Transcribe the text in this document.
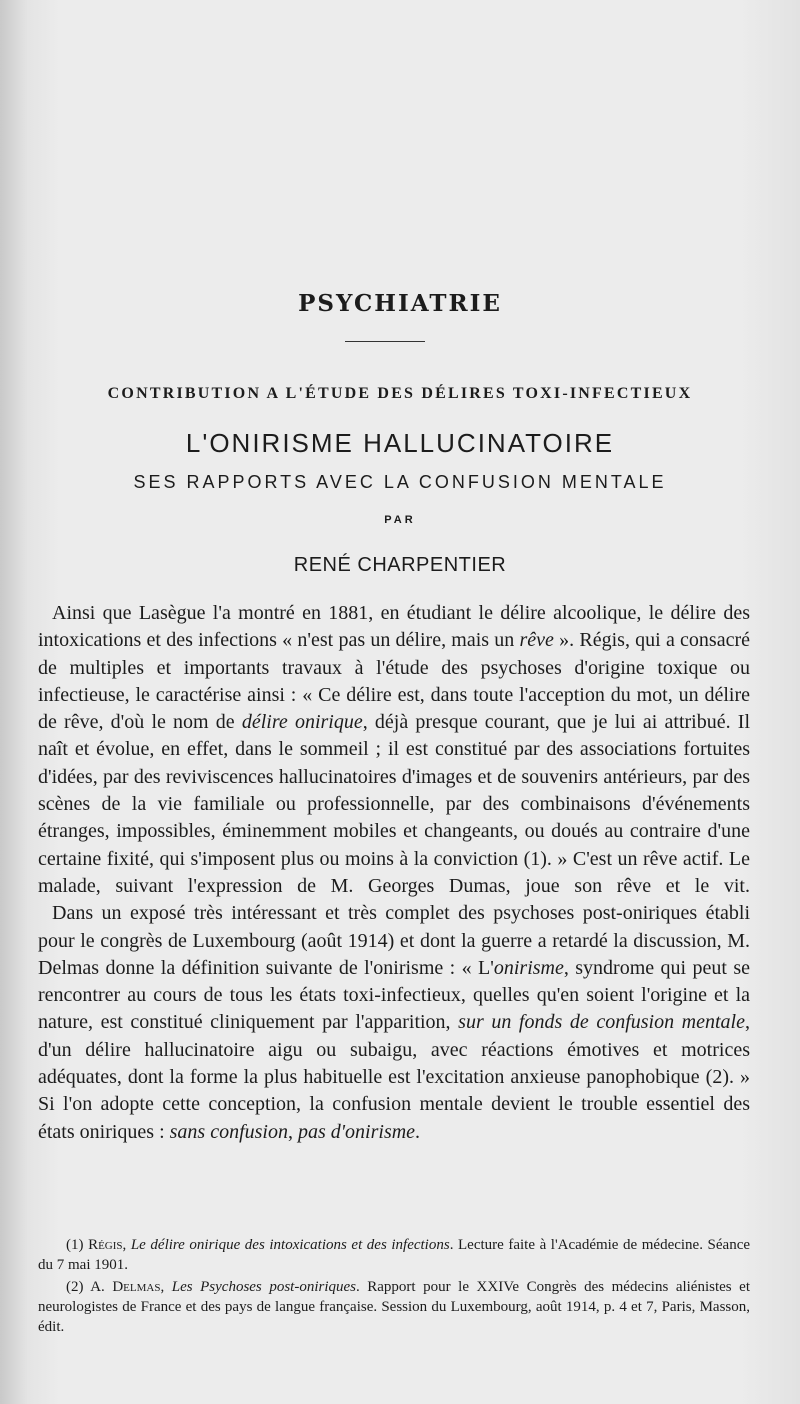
PSYCHIATRIE
CONTRIBUTION A L'ÉTUDE DES DÉLIRES TOXI-INFECTIEUX
L'ONIRISME HALLUCINATOIRE
SES RAPPORTS AVEC LA CONFUSION MENTALE
PAR
RENÉ CHARPENTIER

Ainsi que Lasègue l'a montré en 1881, en étudiant le délire alcoolique, le délire des intoxications et des infections « n'est pas un délire, mais un rêve ». Régis, qui a consacré de multiples et importants travaux à l'étude des psychoses d'origine toxique ou infectieuse, le caractérise ainsi : « Ce délire est, dans toute l'acception du mot, un délire de rêve, d'où le nom de délire onirique, déjà presque courant, que je lui ai attribué. Il naît et évolue, en effet, dans le sommeil ; il est constitué par des associations fortuites d'idées, par des reviviscences hallucinatoires d'images et de souvenirs antérieurs, par des scènes de la vie familiale ou professionnelle, par des combinaisons d'événements étranges, impossibles, éminemment mobiles et changeants, ou doués au contraire d'une certaine fixité, qui s'imposent plus ou moins à la conviction (1). » C'est un rêve actif. Le malade, suivant l'expression de M. Georges Dumas, joue son rêve et le vit.

Dans un exposé très intéressant et très complet des psychoses post-oniriques établi pour le congrès de Luxembourg (août 1914) et dont la guerre a retardé la discussion, M. Delmas donne la définition suivante de l'onirisme : « L'onirisme, syndrome qui peut se rencontrer au cours de tous les états toxi-infectieux, quelles qu'en soient l'origine et la nature, est constitué cliniquement par l'apparition, sur un fonds de confusion mentale, d'un délire hallucinatoire aigu ou subaigu, avec réactions émotives et motrices adéquates, dont la forme la plus habituelle est l'excitation anxieuse panophobique (2). » Si l'on adopte cette conception, la confusion mentale devient le trouble essentiel des états oniriques : sans confusion, pas d'onirisme.

(1) Régis, Le délire onirique des intoxications et des infections. Lecture faite à l'Académie de médecine. Séance du 7 mai 1901.

(2) A. Delmas, Les Psychoses post-oniriques. Rapport pour le XXIVe Congrès des médecins aliénistes et neurologistes de France et des pays de langue française. Session du Luxembourg, août 1914, p. 4 et 7, Paris, Masson, édit.
